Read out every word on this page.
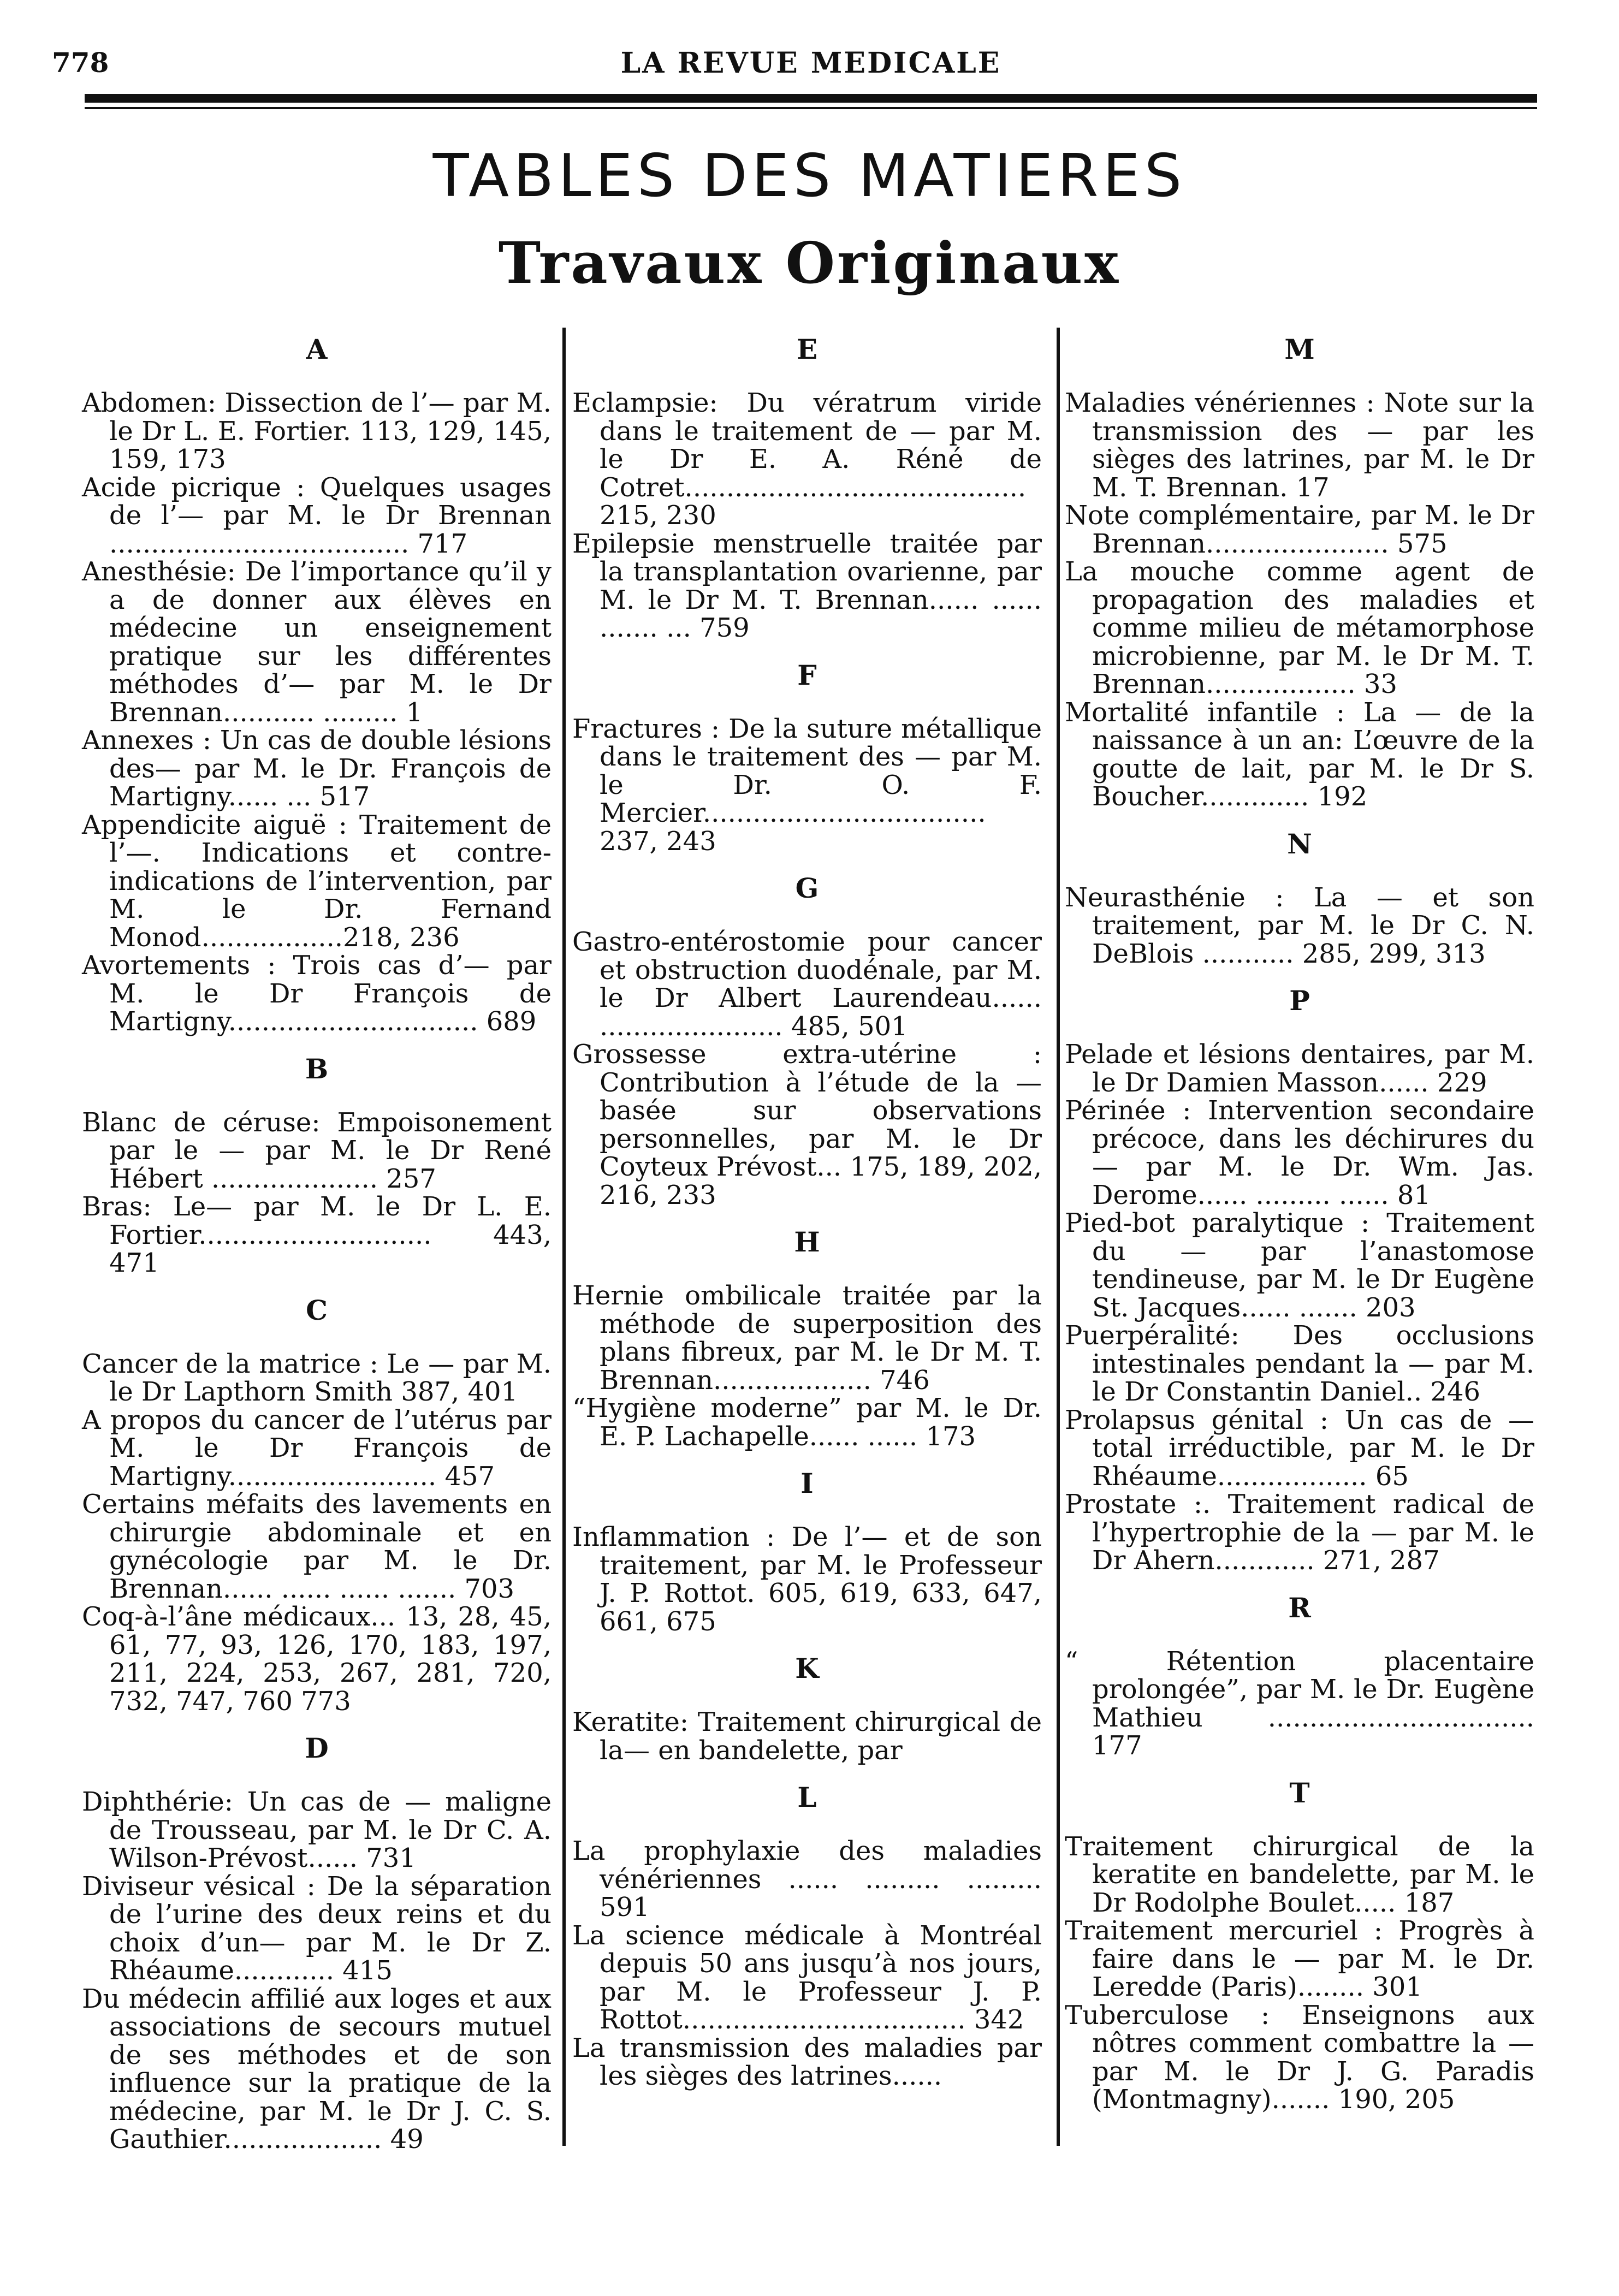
778	LA REVUE MEDICALE
TABLES DES MATIERES
Travaux Originaux
A

Abdomen: Dissection de l’— par M. le Dr L. E. Fortier. 113, 129, 145, 159, 173

Acide picrique : Quelques usages de l’— par M. le Dr Brennan .................................... 717

Anesthésie: De l’importance qu’il y a de donner aux élèves en médecine un enseignement pratique sur les différentes méthodes d’— par M. le Dr Brennan........... ......... 1

Annexes : Un cas de double lésions des— par M. le Dr. François de Martigny...... ... 517

Appendicite aiguë : Traitement de l’—. Indications et contre-indications de l’intervention, par M. le Dr. Fernand Monod.................218, 236

Avortements : Trois cas d’— par M. le Dr François de Martigny.............................. 689

B

Blanc de céruse: Empoisonement par le — par M. le Dr René Hébert .................... 257

Bras: Le— par M. le Dr L. E. Fortier............................ 443, 471

C

Cancer de la matrice : Le — par M. le Dr Lapthorn Smith 387, 401

A propos du cancer de l’utérus par M. le Dr François de Martigny......................... 457

Certains méfaits des lavements en chirurgie abdominale et en gynécologie par M. le Dr. Brennan...... ...... ...... ....... 703

Coq-à-l’âne médicaux... 13, 28, 45, 61, 77, 93, 126, 170, 183, 197, 211, 224, 253, 267, 281, 720, 732, 747, 760 773

D

Diphthérie: Un cas de — maligne de Trousseau, par M. le Dr C. A. Wilson-Prévost...... 731

Diviseur vésical : De la séparation de l’urine des deux reins et du choix d’un— par M. le Dr Z. Rhéaume............ 415

Du médecin affilié aux loges et aux associations de secours mutuel de ses méthodes et de son influence sur la pratique de la médecine, par M. le Dr J. C. S. Gauthier................... 49

E

Eclampsie: Du vératrum viride dans le traitement de — par M. le Dr E. A. Réné de Cotret......................................... 215, 230

Epilepsie menstruelle traitée par la transplantation ovarienne, par M. le Dr M. T. Brennan...... ...... ....... ... 759

F

Fractures : De la suture métallique dans le traitement des — par M. le Dr. O. F. Mercier.................................. 237, 243

G

Gastro-entérostomie pour cancer et obstruction duodénale, par M. le Dr Albert Laurendeau...... ...................... 485, 501

Grossesse extra-utérine : Contribution à l’étude de la — basée sur observations personnelles, par M. le Dr Coyteux Prévost... 175, 189, 202, 216, 233

H

Hernie ombilicale traitée par la méthode de superposition des plans fibreux, par M. le Dr M. T. Brennan................... 746

“Hygiène moderne” par M. le Dr. E. P. Lachapelle...... ...... 173

I

Inflammation : De l’— et de son traitement, par M. le Professeur J. P. Rottot. 605, 619, 633, 647, 661, 675

K

Keratite: Traitement chirurgical de la— en bandelette, par

L

La prophylaxie des maladies vénériennes ...... ......... ......... 591

La science médicale à Montréal depuis 50 ans jusqu’à nos jours, par M. le Professeur J. P. Rottot.................................. 342

La transmission des maladies par les sièges des latrines......

M

Maladies vénériennes : Note sur la transmission des — par les sièges des latrines, par M. le Dr M. T. Brennan. 17

Note complémentaire, par M. le Dr Brennan...................... 575

La mouche comme agent de propagation des maladies et comme milieu de métamorphose microbienne, par M. le Dr M. T. Brennan.................. 33

Mortalité infantile : La — de la naissance à un an: L’œuvre de la goutte de lait, par M. le Dr S. Boucher............. 192

N

Neurasthénie : La — et son traitement, par M. le Dr C. N. DeBlois ........... 285, 299, 313

P

Pelade et lésions dentaires, par M. le Dr Damien Masson...... 229

Périnée : Intervention secondaire précoce, dans les déchirures du— par M. le Dr. Wm. Jas. Derome...... ......... ...... 81

Pied-bot paralytique : Traitement du — par l’anastomose tendineuse, par M. le Dr Eugène St. Jacques...... ....... 203

Puerpéralité: Des occlusions intestinales pendant la — par M. le Dr Constantin Daniel.. 246

Prolapsus génital : Un cas de — total irréductible, par M. le Dr Rhéaume.................. 65

Prostate :. Traitement radical de l’hypertrophie de la — par M. le Dr Ahern............ 271, 287

R

“ Rétention placentaire prolongée”, par M. le Dr. Eugène Mathieu ................................ 177

T

Traitement chirurgical de la keratite en bandelette, par M. le Dr Rodolphe Boulet..... 187

Traitement mercuriel : Progrès à faire dans le — par M. le Dr. Leredde (Paris)........ 301

Tuberculose : Enseignons aux nôtres comment combattre la — par M. le Dr J. G. Paradis (Montmagny)....... 190, 205
